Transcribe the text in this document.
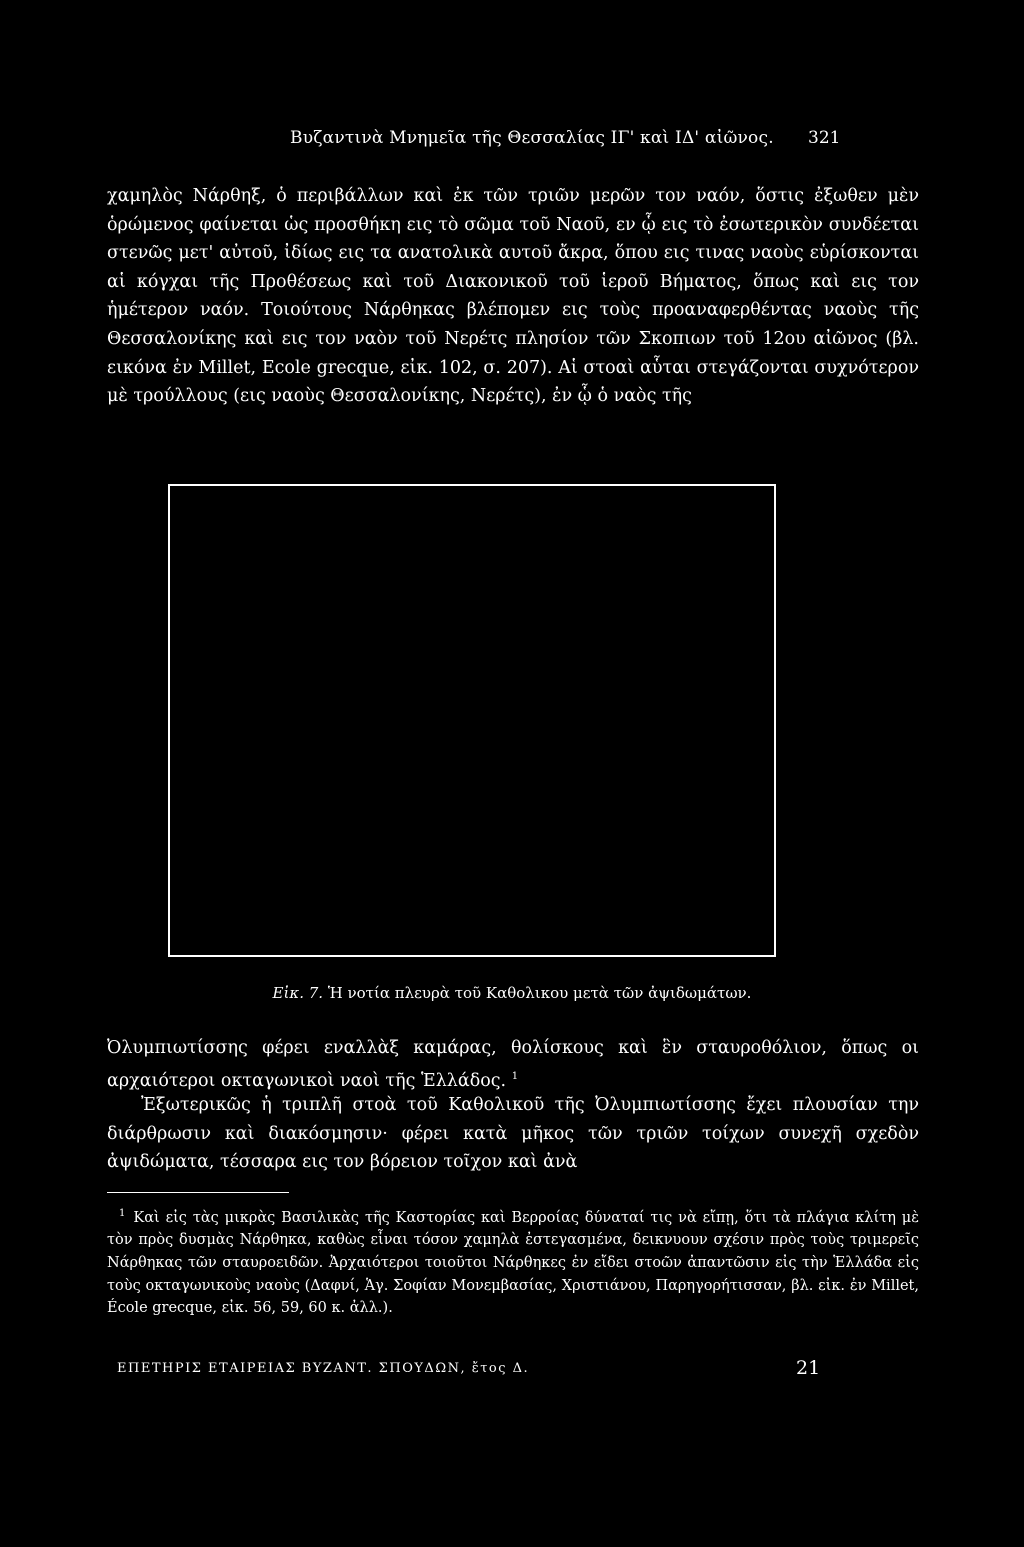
Βυζαντινὰ Μνημεῖα τῆς Θεσσαλίας ΙΓ' καὶ ΙΔ' αἰῶνος. 321

χαμηλὸς Νάρθηξ, ὁ περιβάλλων καὶ ἐκ τῶν τριῶν μερῶν τον ναόν, ὅστις ἐξωθεν μὲν ὁρώμενος φαίνεται ὡς προσθήκη εις τὸ σῶμα τοῦ Ναοῦ, εν ᾧ εις τὸ ἐσωτερικὸν συνδέεται στενῶς μετ' αὐτοῦ, ἰδίως εις τα ανατολικὰ αυτοῦ ἄκρα, ὅπου εις τινας ναοὺς εὑρίσκονται αἱ κόγχαι τῆς Προθέσεως καὶ τοῦ Διακονικοῦ τοῦ ἱεροῦ Βήματος, ὅπως καὶ εις τον ἡμέτερον ναόν. Τοιούτους Νάρθηκας βλέπομεν εις τοὺς προαναφερθέντας ναοὺς τῆς Θεσσαλονίκης καὶ εις τον ναὸν τοῦ Νερέτς πλησίον τῶν Σκοπιων τοῦ 12ου αἰῶνος (βλ. εικόνα ἐν Millet, Ecole grecque, εἰκ. 102, σ. 207). Αἱ στοαὶ αὗται στεγάζονται συχνότερον μὲ τρούλλους (εις ναοὺς Θεσσαλονίκης, Νερέτς), ἐν ᾧ ὁ ναὸς τῆς

Εἰκ. 7. Ἡ νοτία πλευρὰ τοῦ Καθολικου μετὰ τῶν ἀψιδωμάτων.

Ὀλυμπιωτίσσης φέρει εναλλὰξ καμάρας, θολίσκους καὶ ἓν σταυροθόλιον, ὅπως οι αρχαιότεροι οκταγωνικοὶ ναοὶ τῆς Ἑλλάδος. $^1$

Ἐξωτερικῶς ἡ τριπλῆ στοὰ τοῦ Καθολικοῦ τῆς Ὀλυμπιωτίσσης ἔχει πλουσίαν την διάρθρωσιν καὶ διακόσμησιν· φέρει κατὰ μῆκος τῶν τριῶν τοίχων συνεχῆ σχεδὸν ἀψιδώματα, τέσσαρα εις τον βόρειον τοῖχον καὶ ἀνὰ

$^1$ Καὶ εἰς τὰς μικρὰς Βασιλικὰς τῆς Καστορίας καὶ Βερροίας δύναταί τις νὰ εἴπῃ, ὅτι τὰ πλάγια κλίτη μὲ τὸν πρὸς δυσμὰς Νάρθηκα, καθὼς εἶναι τόσον χαμηλὰ ἐστεγασμένα, δεικνυουν σχέσιν πρὸς τοὺς τριμερεῖς Νάρθηκας τῶν σταυροειδῶν. Ἀρχαιότεροι τοιοῦτοι Νάρθηκες ἐν εἴδει στοῶν ἀπαντῶσιν εἰς τὴν Ἑλλάδα εἰς τοὺς οκταγωνικοὺς ναοὺς (Δαφνί, Ἁγ. Σοφίαν Μονεμβασίας, Χριστιάνου, Παρηγορήτισσαν, βλ. εἰκ. ἐν Millet, École grecque, εἰκ. 56, 59, 60 κ. ἀλλ.).

ΕΠΕΤΗΡΙΣ ΕΤΑΙΡΕΙΑΣ ΒΥΖΑΝΤ. ΣΠΟΥΔΩΝ, ἔτος Δ.	21
